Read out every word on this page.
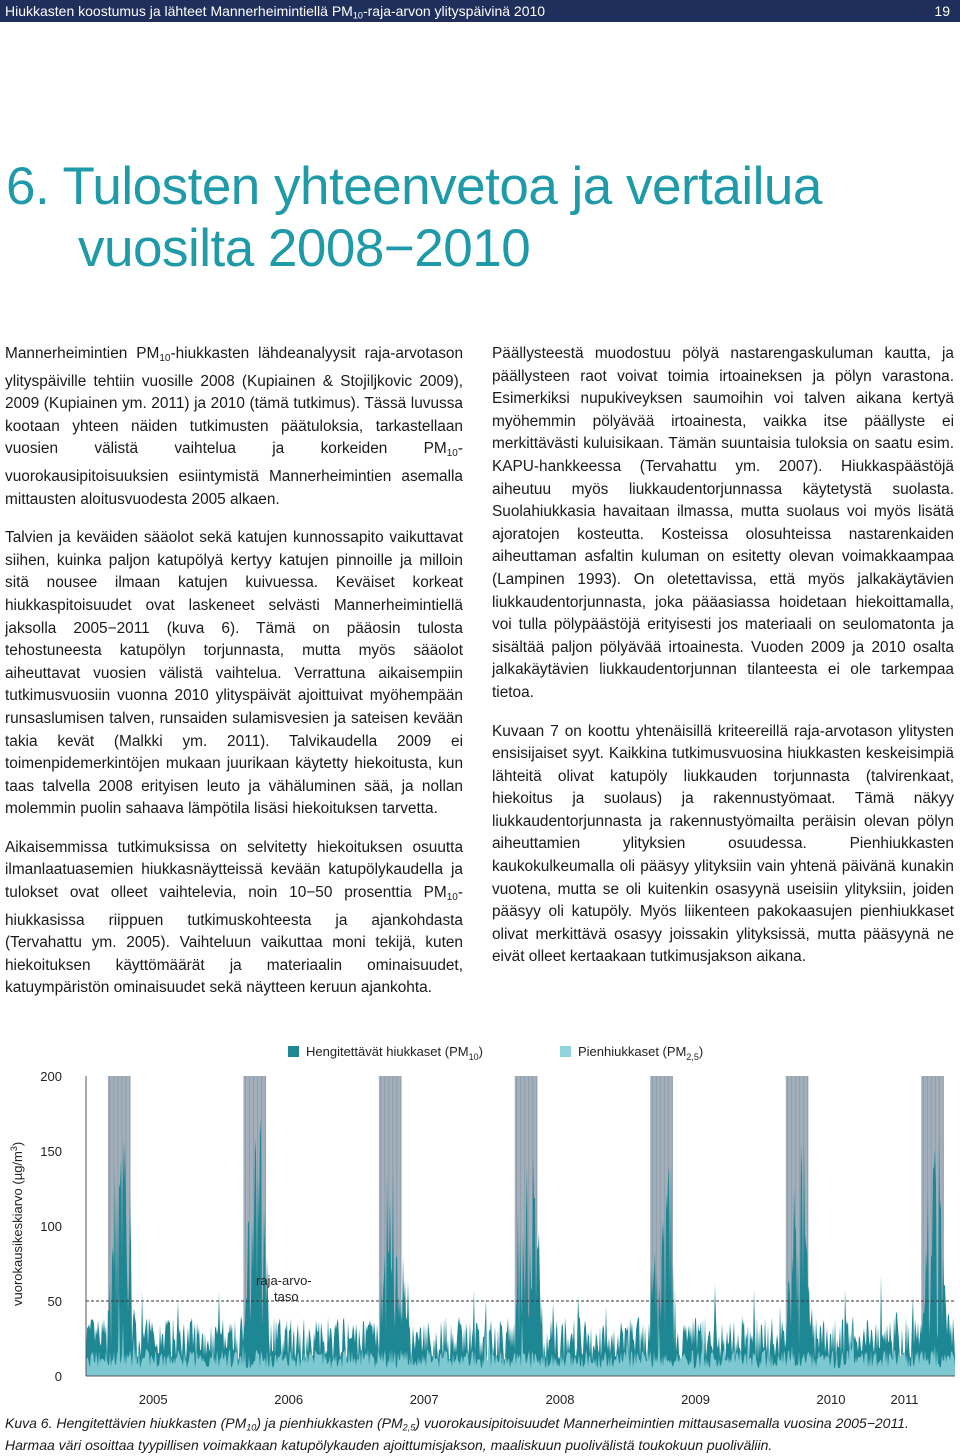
Hiukkasten koostumus ja lähteet Mannerheimintiellä $PM_{10}-raja$-arvon ylityspäivinä 2010	19
6. Tulosten yhteenvetoa ja vertailua
vuosilta 2008−2010

Mannerheimintien $PM_{10}$-hiukkasten lähdeanalyysit raja-arvotason ylityspäiville tehtiin vuosille 2008 (Kupiainen & Stojiljkovic 2009), 2009 (Kupiainen ym. 2011) ja 2010 (tämä tutkimus). Tässä luvussa kootaan yhteen näiden tutkimusten päätuloksia, tarkastellaan vuosien välistä vaihtelua ja korkeiden $PM_{10}$-vuorokausipitoisuuksien esiintymistä Mannerheimintien asemalla mittausten aloitusvuodesta 2005 alkaen.

Talvien ja keväiden sääolot sekä katujen kunnossapito vaikuttavat siihen, kuinka paljon katupölyä kertyy katujen pinnoille ja milloin sitä nousee ilmaan katujen kuivuessa. Keväiset korkeat hiukkaspitoisuudet ovat laskeneet selvästi Mannerheimintiellä jaksolla 2005−2011 (kuva 6). Tämä on pääosin tulosta tehostuneesta katupölyn torjunnasta, mutta myös sääolot aiheuttavat vuosien välistä vaihtelua. Verrattuna aikaisempiin tutkimusvuosiin vuonna 2010 ylityspäivät ajoittuivat myöhempään runsaslumisen talven, runsaiden sulamisvesien ja sateisen kevään takia kevät (Malkki ym. 2011). Talvikaudella 2009 ei toimenpidemerkintöjen mukaan juurikaan käytetty hiekoitusta, kun taas talvella 2008 erityisen leuto ja vähäluminen sää, ja nollan molemmin puolin sahaava lämpötila lisäsi hiekoituksen tarvetta.

Aikaisemmissa tutkimuksissa on selvitetty hiekoituksen osuutta ilmanlaatuasemien hiukkasnäytteissä kevään katupölykaudella ja tulokset ovat olleet vaihtelevia, noin 10−50 prosenttia $PM_{10}$-hiukkasissa riippuen tutkimuskohteesta ja ajankohdasta (Tervahattu ym. 2005). Vaihteluun vaikuttaa moni tekijä, kuten hiekoituksen käyttömäärät ja materiaalin ominaisuudet, katuympäristön ominaisuudet sekä näytteen keruun ajankohta.

Päällysteestä muodostuu pölyä nastarengaskuluman kautta, ja päällysteen raot voivat toimia irtoaineksen ja pölyn varastona. Esimerkiksi nupukiveyksen saumoihin voi talven aikana kertyä myöhemmin pölyävää irtoainesta, vaikka itse päällyste ei merkittävästi kuluisikaan. Tämän suuntaisia tuloksia on saatu esim. KAPU-hankkeessa (Tervahattu ym. 2007). Hiukkaspäästöjä aiheutuu myös liukkaudentorjunnassa käytetystä suolasta. Suolahiukkasia havaitaan ilmassa, mutta suolaus voi myös lisätä ajoratojen kosteutta. Kosteissa olosuhteissa nastarenkaiden aiheuttaman asfaltin kuluman on esitetty olevan voimakkaampaa (Lampinen 1993). On oletettavissa, että myös jalkakäytävien liukkaudentorjunnasta, joka pääasiassa hoidetaan hiekoittamalla, voi tulla pölypäästöjä erityisesti jos materiaali on seulomatonta ja sisältää paljon pölyävää irtoainesta. Vuoden 2009 ja 2010 osalta jalkakäytävien liukkaudentorjunnan tilanteesta ei ole tarkempaa tietoa.

Kuvaan 7 on koottu yhtenäisillä kriteereillä raja-arvotason ylitysten ensisijaiset syyt. Kaikkina tutkimusvuosina hiukkasten keskeisimpiä lähteitä olivat katupöly liukkauden torjunnasta (talvirenkaat, hiekoitus ja suolaus) ja rakennustyömaat. Tämä näkyy liukkaudentorjunnasta ja rakennustyömailta peräisin olevan pölyn aiheuttamien ylityksien osuudessa. Pienhiukkasten kaukokulkeumalla oli pääsyy ylityksiin vain yhtenä päivänä kunakin vuotena, mutta se oli kuitenkin osasyynä useisiin ylityksiin, joiden pääsyy oli katupöly. Myös liikenteen pakokaasujen pienhiukkaset olivat merkittävä osasyy joissakin ylityksissä, mutta pääsyynä ne eivät olleet kertaakaan tutkimusjakson aikana.

0
50
100
150
200
2005	2006	2007	2008	2009	2010	2011
raja-arvo-
taso
vuorokausikeskiarvo $(\mu g/m^3)$
Hengitettävät hiukkaset $(PM_{10})$	Pienhiukkaset $(PM_{2,5})$
Kuva 6. Hengitettävien hiukkasten $(PM_{10})$ ja pienhiukkasten $(PM_{2,5})$ vuorokausipitoisuudet Mannerheimintien mittausasemalla vuosina 2005−2011. Harmaa väri osoittaa tyypillisen voimakkaan katupölykauden ajoittumisjakson, maaliskuun puolivälistä toukokuun puoliväliin.
